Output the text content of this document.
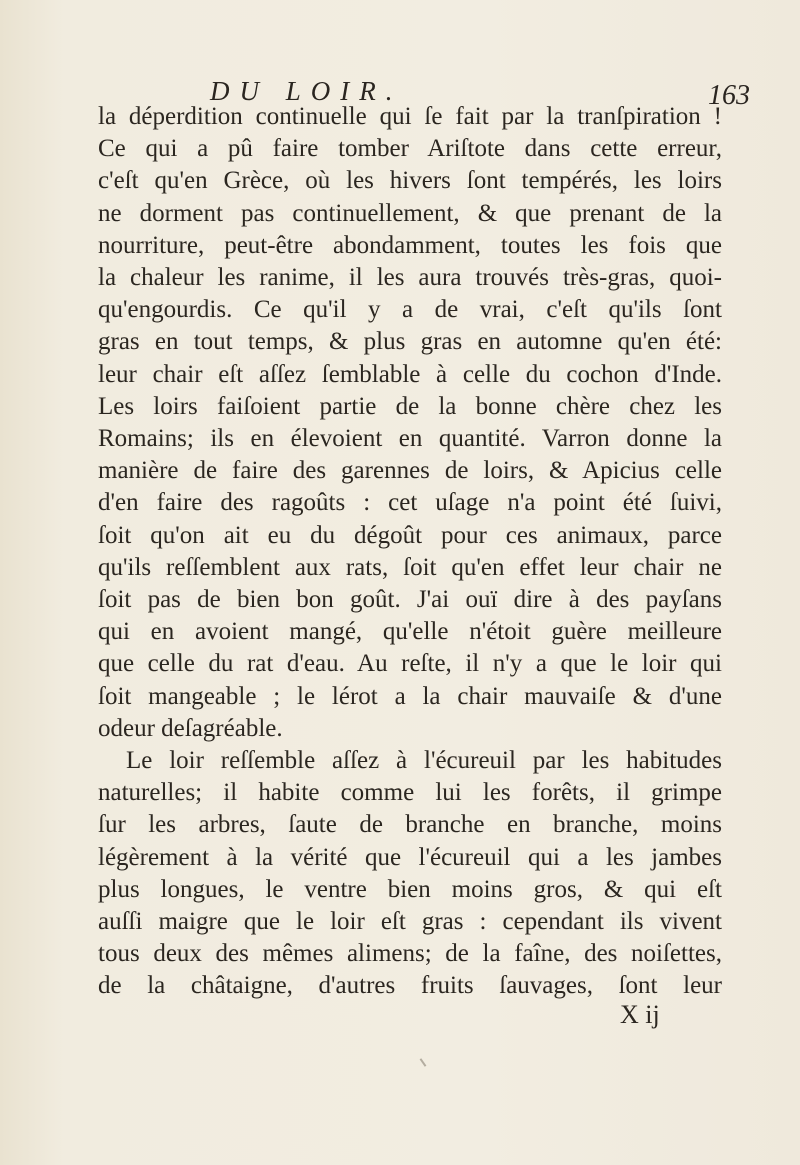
DU LOIR.	163
la déperdition continuelle qui ſe fait par la tranſpiration !
Ce qui a pû faire tomber Ariſtote dans cette erreur,
c'eſt qu'en Grèce, où les hivers ſont tempérés, les loirs
ne dorment pas continuellement, & que prenant de la
nourriture, peut-être abondamment, toutes les fois que
la chaleur les ranime, il les aura trouvés très-gras, quoi-
qu'engourdis. Ce qu'il y a de vrai, c'eſt qu'ils ſont
gras en tout temps, & plus gras en automne qu'en été:
leur chair eſt aſſez ſemblable à celle du cochon d'Inde.
Les loirs faiſoient partie de la bonne chère chez les
Romains; ils en élevoient en quantité. Varron donne la
manière de faire des garennes de loirs, & Apicius celle
d'en faire des ragoûts : cet uſage n'a point été ſuivi,
ſoit qu'on ait eu du dégoût pour ces animaux, parce
qu'ils reſſemblent aux rats, ſoit qu'en effet leur chair ne
ſoit pas de bien bon goût. J'ai ouï dire à des payſans
qui en avoient mangé, qu'elle n'étoit guère meilleure
que celle du rat d'eau. Au reſte, il n'y a que le loir qui
ſoit mangeable ; le lérot a la chair mauvaiſe & d'une
odeur deſagréable.
Le loir reſſemble aſſez à l'écureuil par les habitudes
naturelles; il habite comme lui les forêts, il grimpe
ſur les arbres, ſaute de branche en branche, moins
légèrement à la vérité que l'écureuil qui a les jambes
plus longues, le ventre bien moins gros, & qui eſt
auſſi maigre que le loir eſt gras : cependant ils vivent
tous deux des mêmes alimens; de la faîne, des noiſettes,
de la châtaigne, d'autres fruits ſauvages, ſont leur
X ij
